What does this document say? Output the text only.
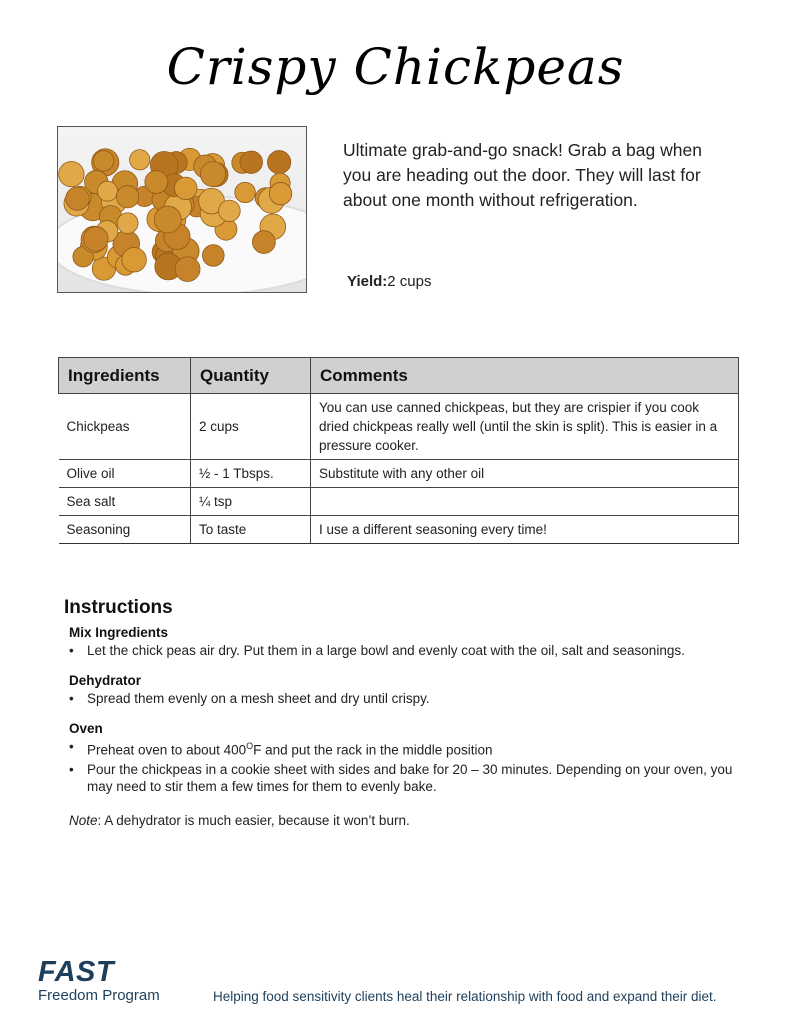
Crispy Chickpeas
Ultimate grab-and-go snack! Grab a bag when you are heading out the door. They will last for about one month without refrigeration.
Yield:2 cups
Ingredients	Quantity	Comments
Chickpeas	2 cups	You can use canned chickpeas, but they are crispier if you cook dried chickpeas really well (until the skin is split). This is easier in a pressure cooker.
Olive oil	½ - 1 Tbsps.	Substitute with any other oil
Sea salt	¼ tsp	
Seasoning	To taste	I use a different seasoning every time!
Instructions
Mix Ingredients
• Let the chick peas air dry. Put them in a large bowl and evenly coat with the oil, salt and seasonings.
Dehydrator
• Spread them evenly on a mesh sheet and dry until crispy.
Oven
• Preheat oven to about $400^OF$ and put the rack in the middle position
• Pour the chickpeas in a cookie sheet with sides and bake for 20 – 30 minutes. Depending on your oven, you may need to stir them a few times for them to evenly bake.
Note: A dehydrator is much easier, because it won’t burn.
FAST
Freedom Program	Helping food sensitivity clients heal their relationship with food and expand their diet.
